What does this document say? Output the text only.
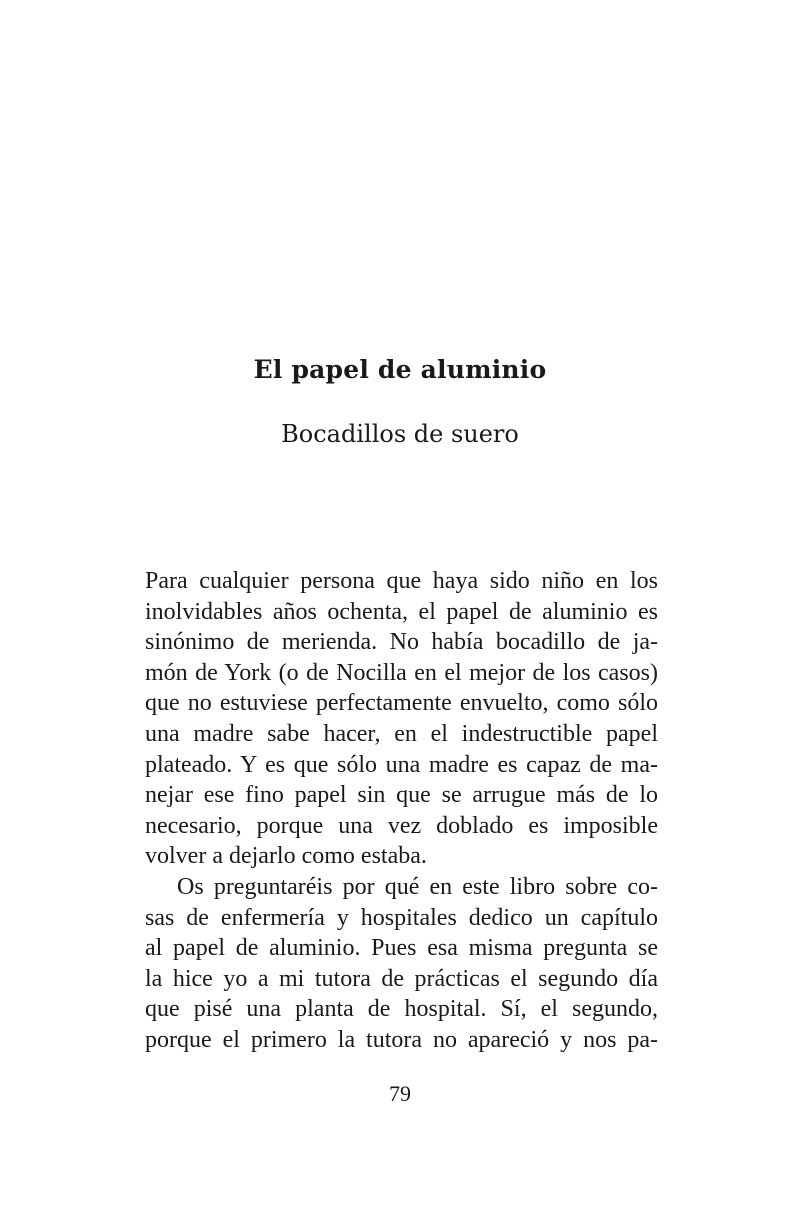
El papel de aluminio
Bocadillos de suero
Para cualquier persona que haya sido niño en los
inolvidables años ochenta, el papel de aluminio es
sinónimo de merienda. No había bocadillo de ja-
món de York (o de Nocilla en el mejor de los casos)
que no estuviese perfectamente envuelto, como sólo
una madre sabe hacer, en el indestructible papel
plateado. Y es que sólo una madre es capaz de ma-
nejar ese fino papel sin que se arrugue más de lo
necesario, porque una vez doblado es imposible
volver a dejarlo como estaba.
Os preguntaréis por qué en este libro sobre co-
sas de enfermería y hospitales dedico un capítulo
al papel de aluminio. Pues esa misma pregunta se
la hice yo a mi tutora de prácticas el segundo día
que pisé una planta de hospital. Sí, el segundo,
porque el primero la tutora no apareció y nos pa-
79
